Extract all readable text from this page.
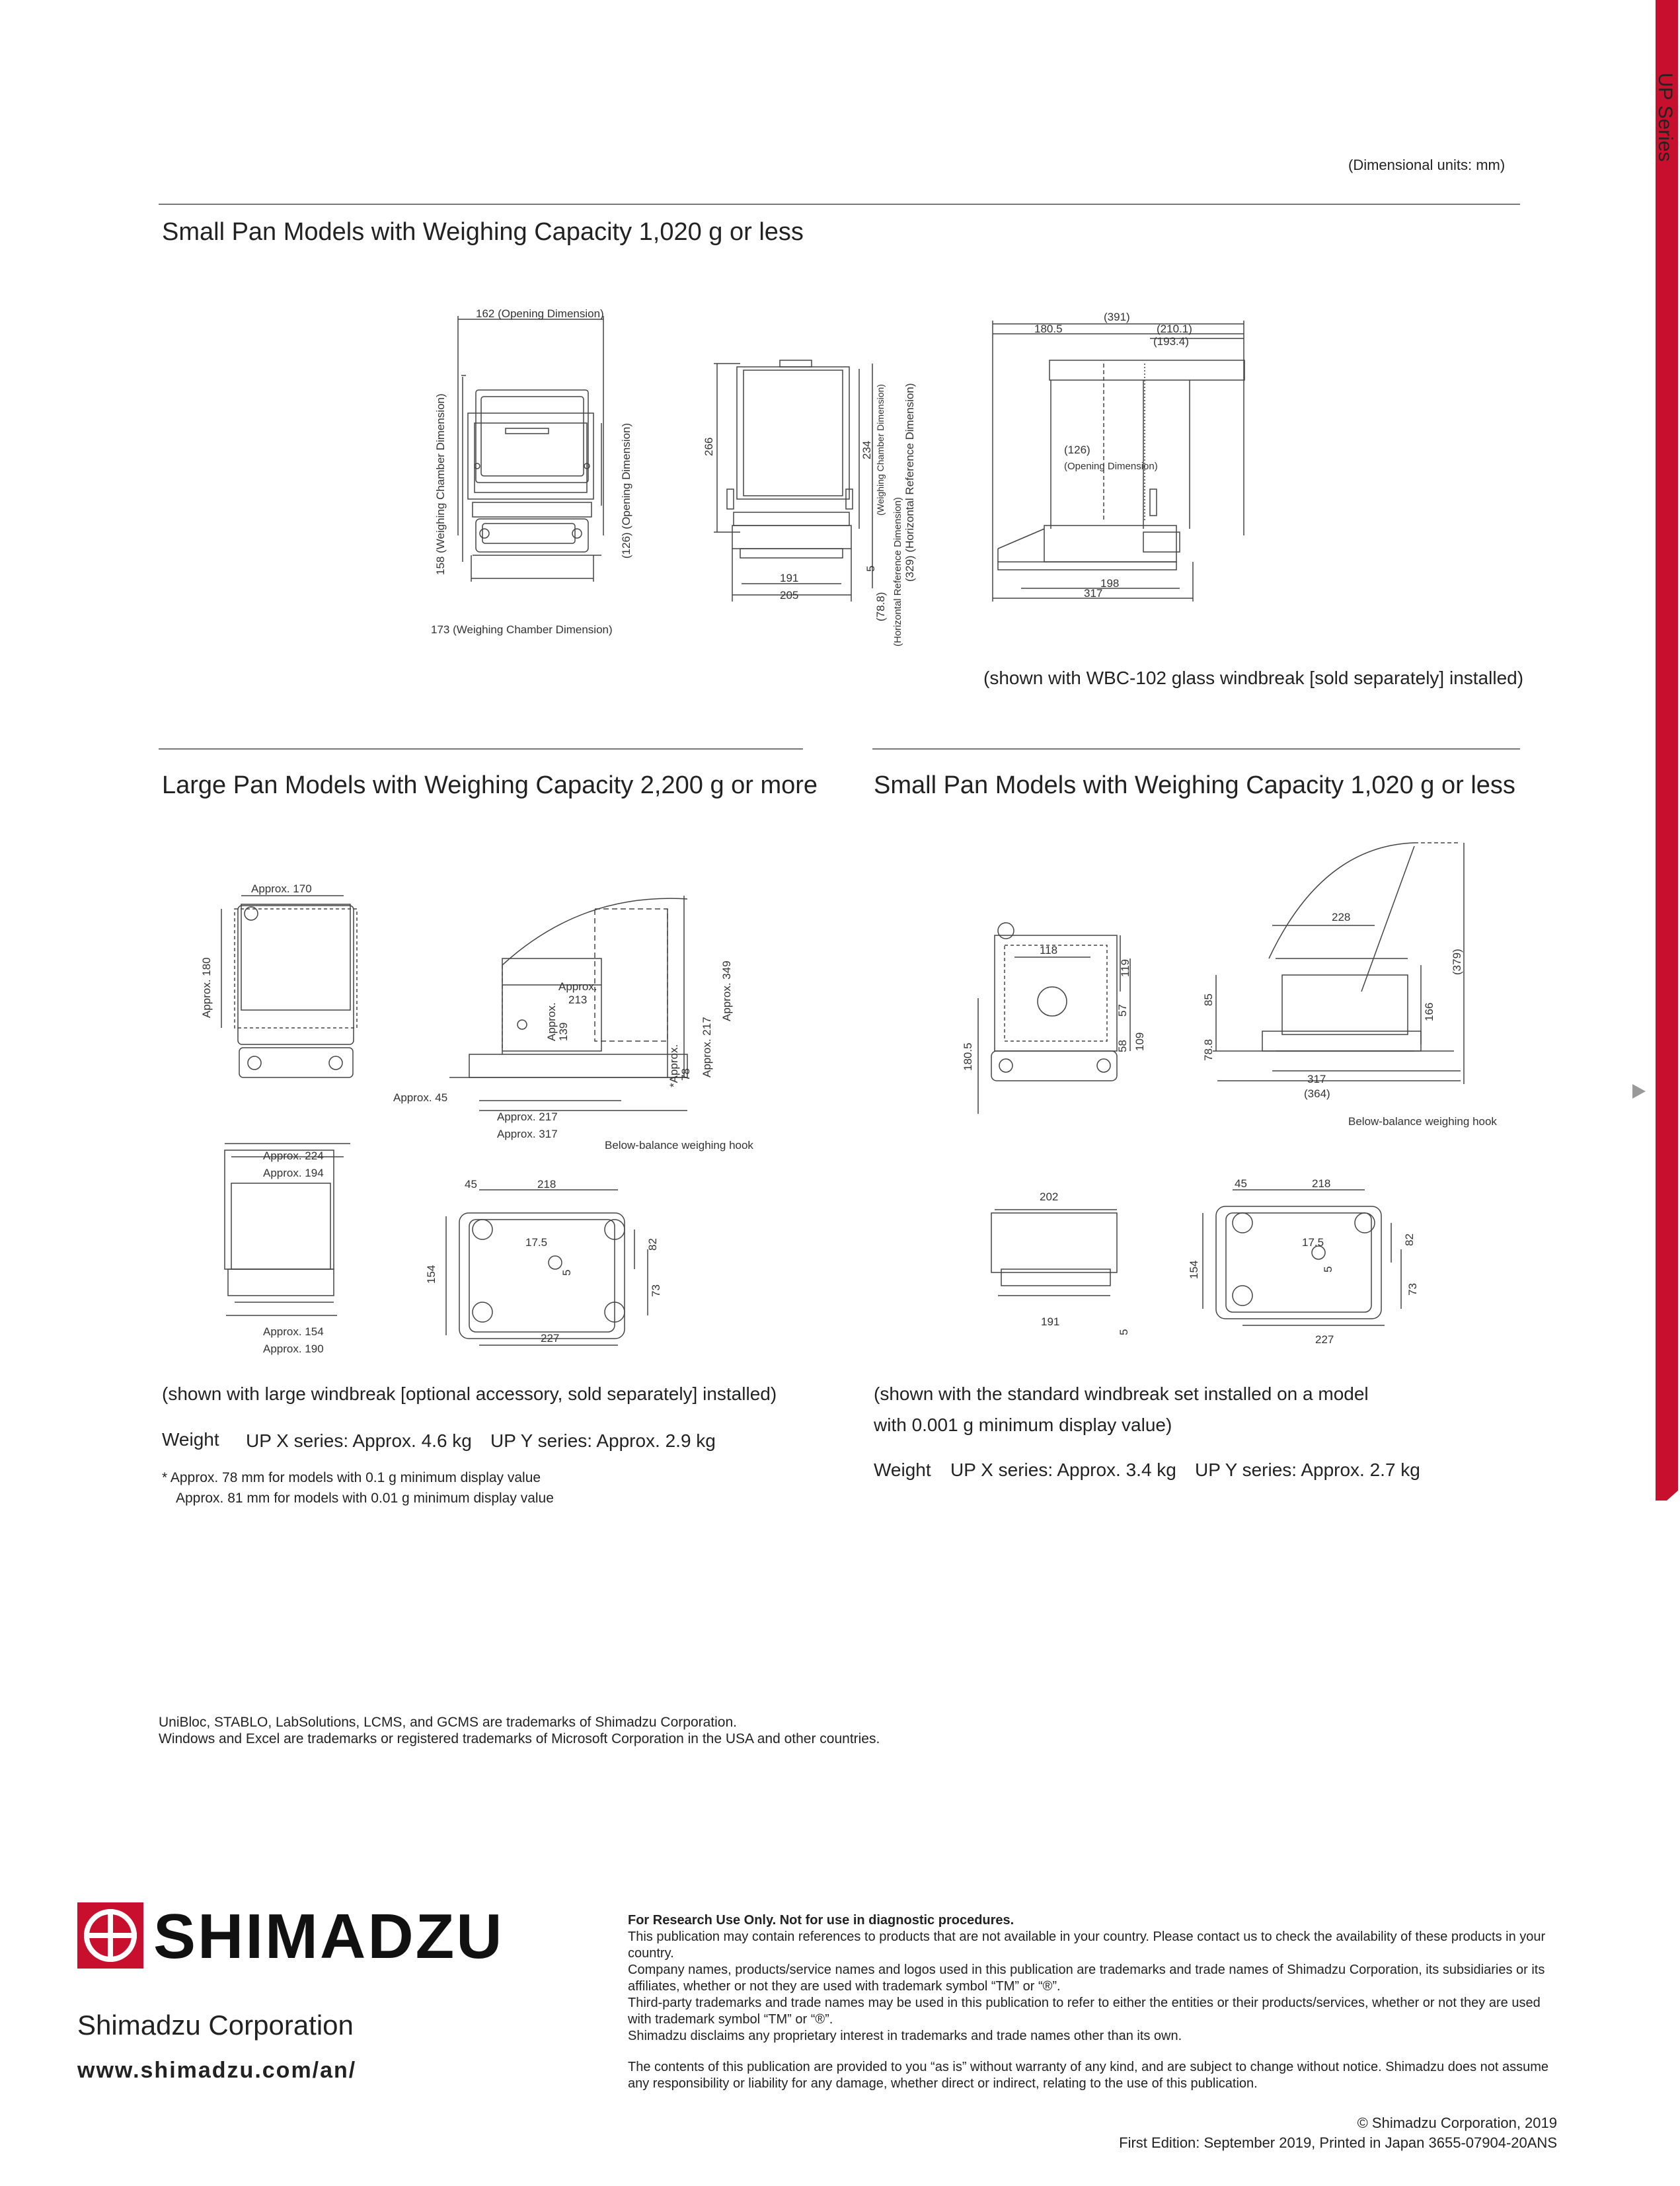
UP Series
(Dimensional units: mm)
Small Pan Models with Weighing Capacity 1,020 g or less
162 (Opening Dimension)
158 (Weighing Chamber Dimension)	(126) (Opening Dimension)
173 (Weighing Chamber Dimension)
266	234 (Weighing Chamber Dimension) (329) (Horizontal Reference Dimension)
5
191
205	(78.8) (Horizontal Reference Dimension)
(391)
180.5	(210.1)
(193.4)
(126)
(Opening Dimension)
198
317
(shown with WBC-102 glass windbreak [sold separately] installed)
Large Pan Models with Weighing Capacity 2,200 g or more Small Pan Models with Weighing Capacity 1,020 g or less
Approx. 170
Approx. 180	Approx. 213
Approx.139	Approx. 217
Approx. 349
*Approx.78
Approx. 45
Approx. 217
Approx. 317
Below-balance weighing hook
Approx. 224
Approx. 194
Approx. 154
Approx. 190
45	218
17.5	82
154
73
227
5
(shown with large windbreak [optional accessory, sold separately] installed)
Weight UP X series: Approx. 4.6 kg UP Y series: Approx. 2.9 kg
* Approx. 78 mm for models with 0.1 g minimum display value
Approx. 81 mm for models with 0.01 g minimum display value
118
119
57
58 109
180.5
228
85
78.8
166
(379)
317
(364)
Below-balance weighing hook
202
191
5
45	218
17.5
154
82
73
227
5
(shown with the standard windbreak set installed on a model
with 0.001 g minimum display value)
Weight UP X series: Approx. 3.4 kg UP Y series: Approx. 2.7 kg
UniBloc, STABLO, LabSolutions, LCMS, and GCMS are trademarks of Shimadzu Corporation.
Windows and Excel are trademarks or registered trademarks of Microsoft Corporation in the USA and other countries.
SHIMADZU
Shimadzu Corporation
www.shimadzu.com/an/

For Research Use Only. Not for use in diagnostic procedures.

This publication may contain references to products that are not available in your country. Please contact us to check the availability of these products in your country.

Company names, products/service names and logos used in this publication are trademarks and trade names of Shimadzu Corporation, its subsidiaries or its affiliates, whether or not they are used with trademark symbol “TM” or “®”.

Third-party trademarks and trade names may be used in this publication to refer to either the entities or their products/services, whether or not they are used with trademark symbol “TM” or “®”.

Shimadzu disclaims any proprietary interest in trademarks and trade names other than its own.

The contents of this publication are provided to you “as is” without warranty of any kind, and are subject to change without notice. Shimadzu does not assume any responsibility or liability for any damage, whether direct or indirect, relating to the use of this publication.

© Shimadzu Corporation, 2019
First Edition: September 2019, Printed in Japan 3655-07904-20ANS
